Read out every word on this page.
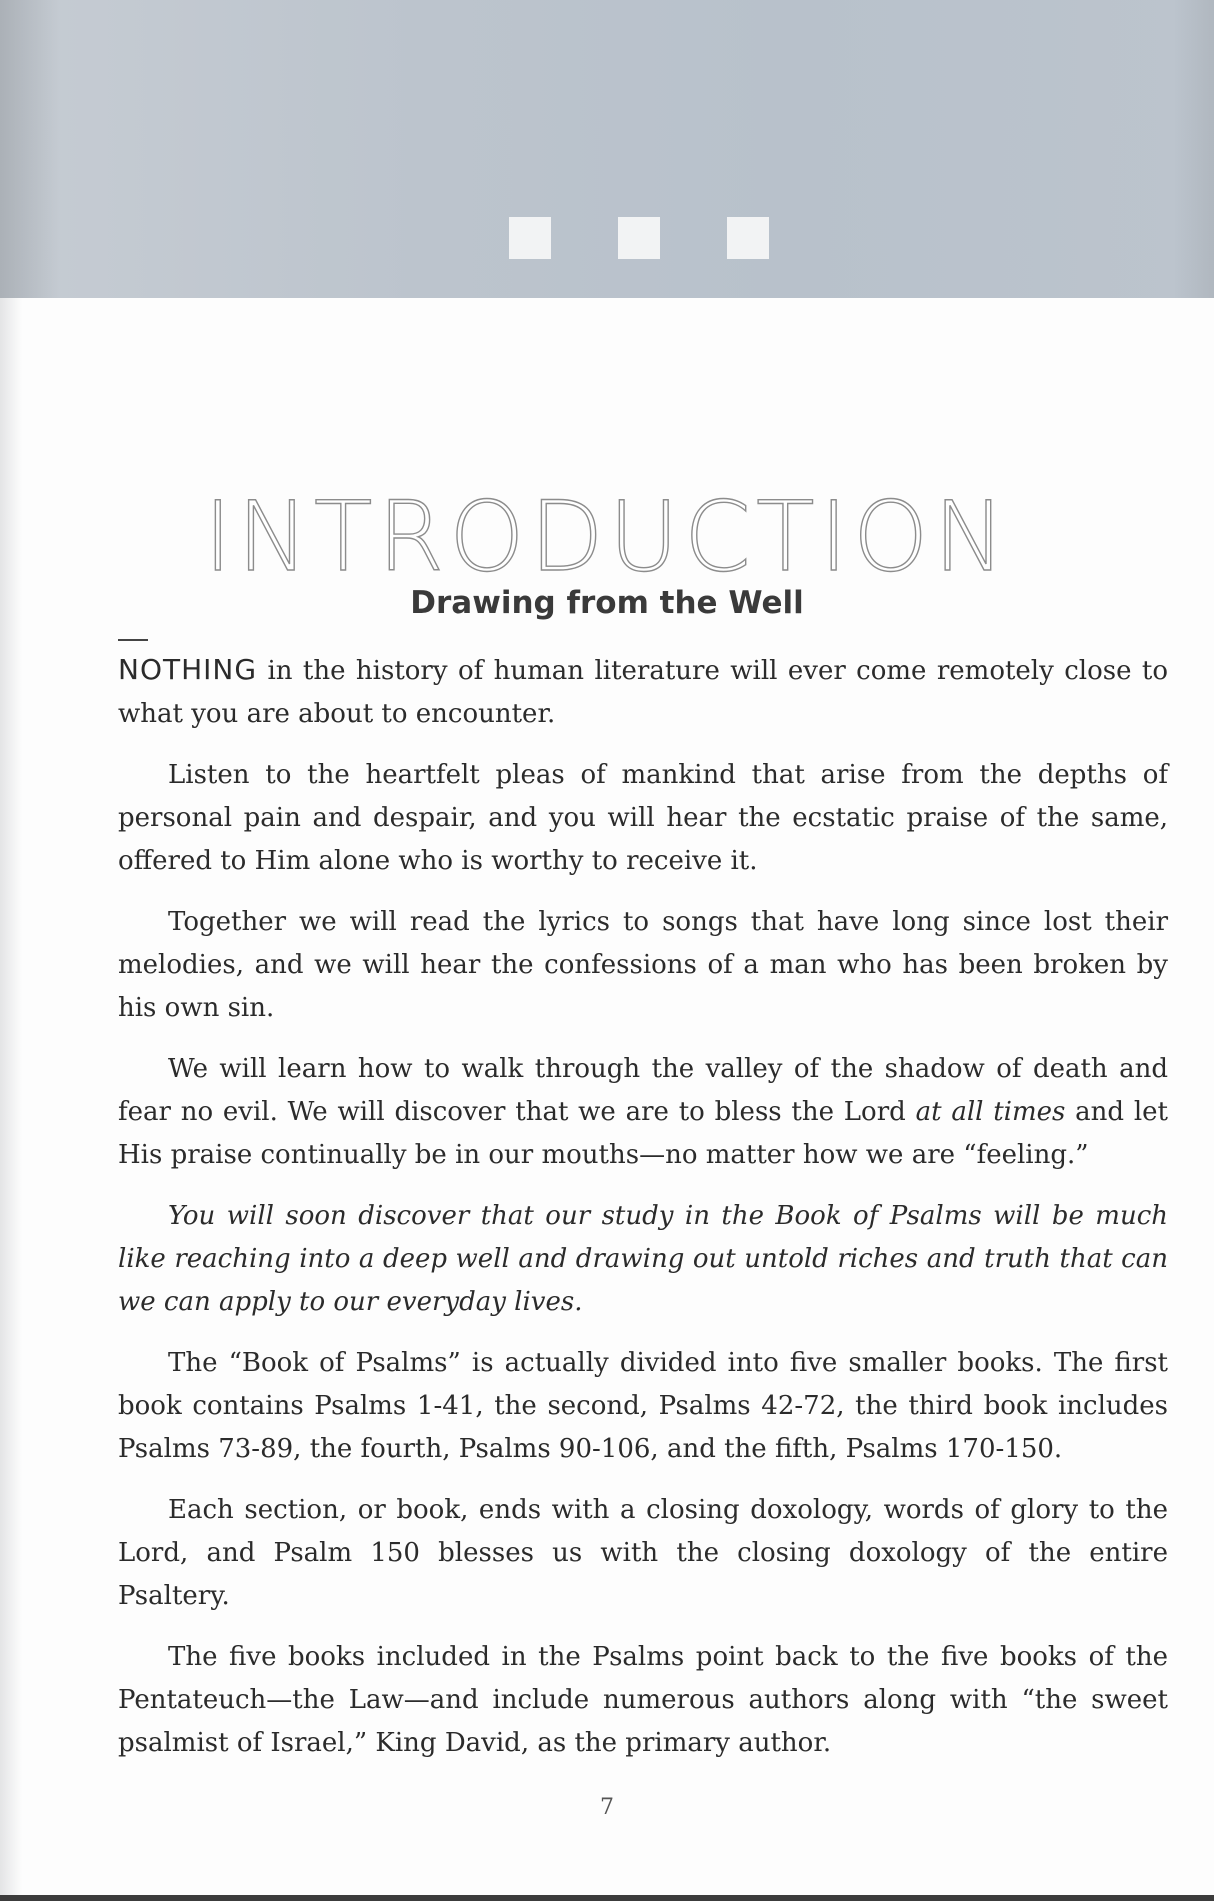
INTRODUCTION
Drawing from the Well

NOTHING in the history of human literature will ever come remotely close to what you are about to encounter.

Listen to the heartfelt pleas of mankind that arise from the depths of personal pain and despair, and you will hear the ecstatic praise of the same, offered to Him alone who is worthy to receive it.

Together we will read the lyrics to songs that have long since lost their melodies, and we will hear the confessions of a man who has been broken by his own sin.

We will learn how to walk through the valley of the shadow of death and fear no evil. We will discover that we are to bless the Lord at all times and let His praise continually be in our mouths—no matter how we are “feeling.”

You will soon discover that our study in the Book of Psalms will be much like reaching into a deep well and drawing out untold riches and truth that can we can apply to our everyday lives.

The “Book of Psalms” is actually divided into five smaller books. The first book contains Psalms 1-41, the second, Psalms 42-72, the third book includes Psalms 73-89, the fourth, Psalms 90-106, and the fifth, Psalms 170-150.

Each section, or book, ends with a closing doxology, words of glory to the Lord, and Psalm 150 blesses us with the closing doxology of the entire Psaltery.

The five books included in the Psalms point back to the five books of the Pentateuch—the Law—and include numerous authors along with “the sweet psalmist of Israel,” King David, as the primary author.

7
